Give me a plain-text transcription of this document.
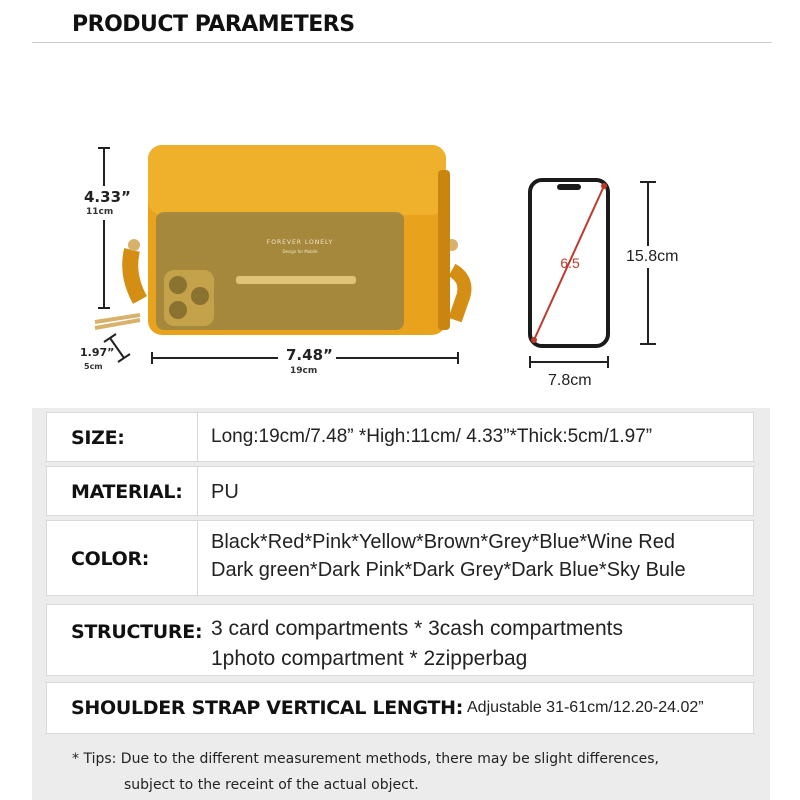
PRODUCT PARAMETERS
FOREVER LONELY
Design for Mobile
6.5
4.33”
11cm
7.48”
19cm
1.97”
5cm
15.8cm
7.8cm
SIZE:	Long:19cm/7.48” *High:11cm/ 4.33”*Thick:5cm/1.97”
MATERIAL: PU
COLOR:
Black*Red*Pink*Yellow*Brown*Grey*Blue*Wine Red
Dark green*Dark Pink*Dark Grey*Dark Blue*Sky Bule
STRUCTURE: 3 card compartments * 3cash compartments
1photo compartment * 2zipperbag
SHOULDER STRAP VERTICAL LENGTH: Adjustable 31-61cm/12.20-24.02”
* Tips: Due to the different measurement methods, there may be slight differences,
subject to the receint of the actual object.
